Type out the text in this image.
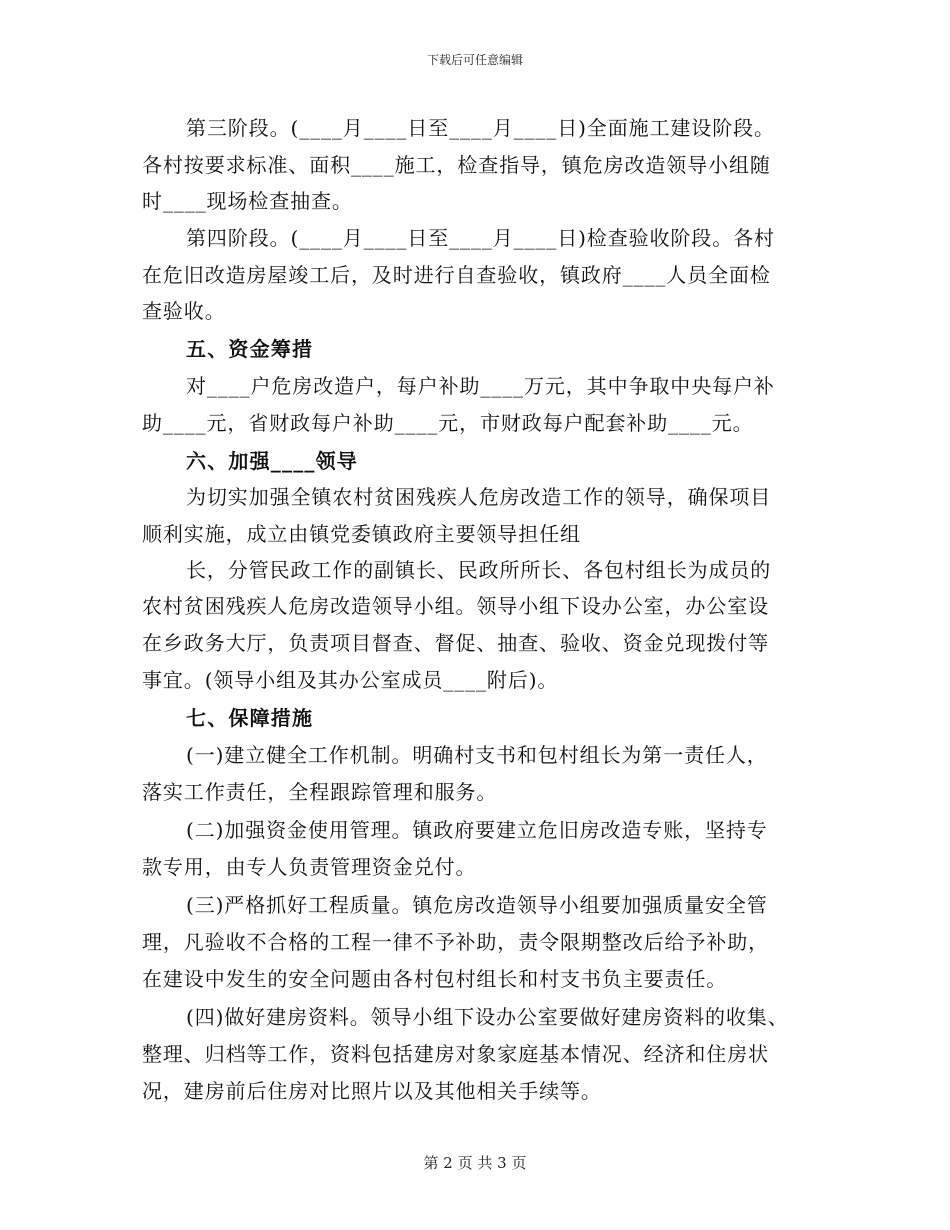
下载后可任意编辑
第三阶段。(____月____日至____月____日)全面施工建设阶段。
各村按要求标准、面积____施工，检查指导，镇危房改造领导小组随
时____现场检查抽查。
第四阶段。(____月____日至____月____日)检查验收阶段。各村
在危旧改造房屋竣工后，及时进行自查验收，镇政府____人员全面检
查验收。
五、资金筹措
对____户危房改造户，每户补助____万元，其中争取中央每户补
助____元，省财政每户补助____元，市财政每户配套补助____元。
六、加强____领导
为切实加强全镇农村贫困残疾人危房改造工作的领导，确保项目
顺利实施，成立由镇党委镇政府主要领导担任组
长，分管民政工作的副镇长、民政所所长、各包村组长为成员的
农村贫困残疾人危房改造领导小组。领导小组下设办公室，办公室设
在乡政务大厅，负责项目督查、督促、抽查、验收、资金兑现拨付等
事宜。(领导小组及其办公室成员____附后)。
七、保障措施
(一)建立健全工作机制。明确村支书和包村组长为第一责任人，
落实工作责任，全程跟踪管理和服务。
(二)加强资金使用管理。镇政府要建立危旧房改造专账，坚持专
款专用，由专人负责管理资金兑付。
(三)严格抓好工程质量。镇危房改造领导小组要加强质量安全管
理，凡验收不合格的工程一律不予补助，责令限期整改后给予补助，
在建设中发生的安全问题由各村包村组长和村支书负主要责任。
(四)做好建房资料。领导小组下设办公室要做好建房资料的收集、
整理、归档等工作，资料包括建房对象家庭基本情况、经济和住房状
况，建房前后住房对比照片以及其他相关手续等。
第 2 页 共 3 页
